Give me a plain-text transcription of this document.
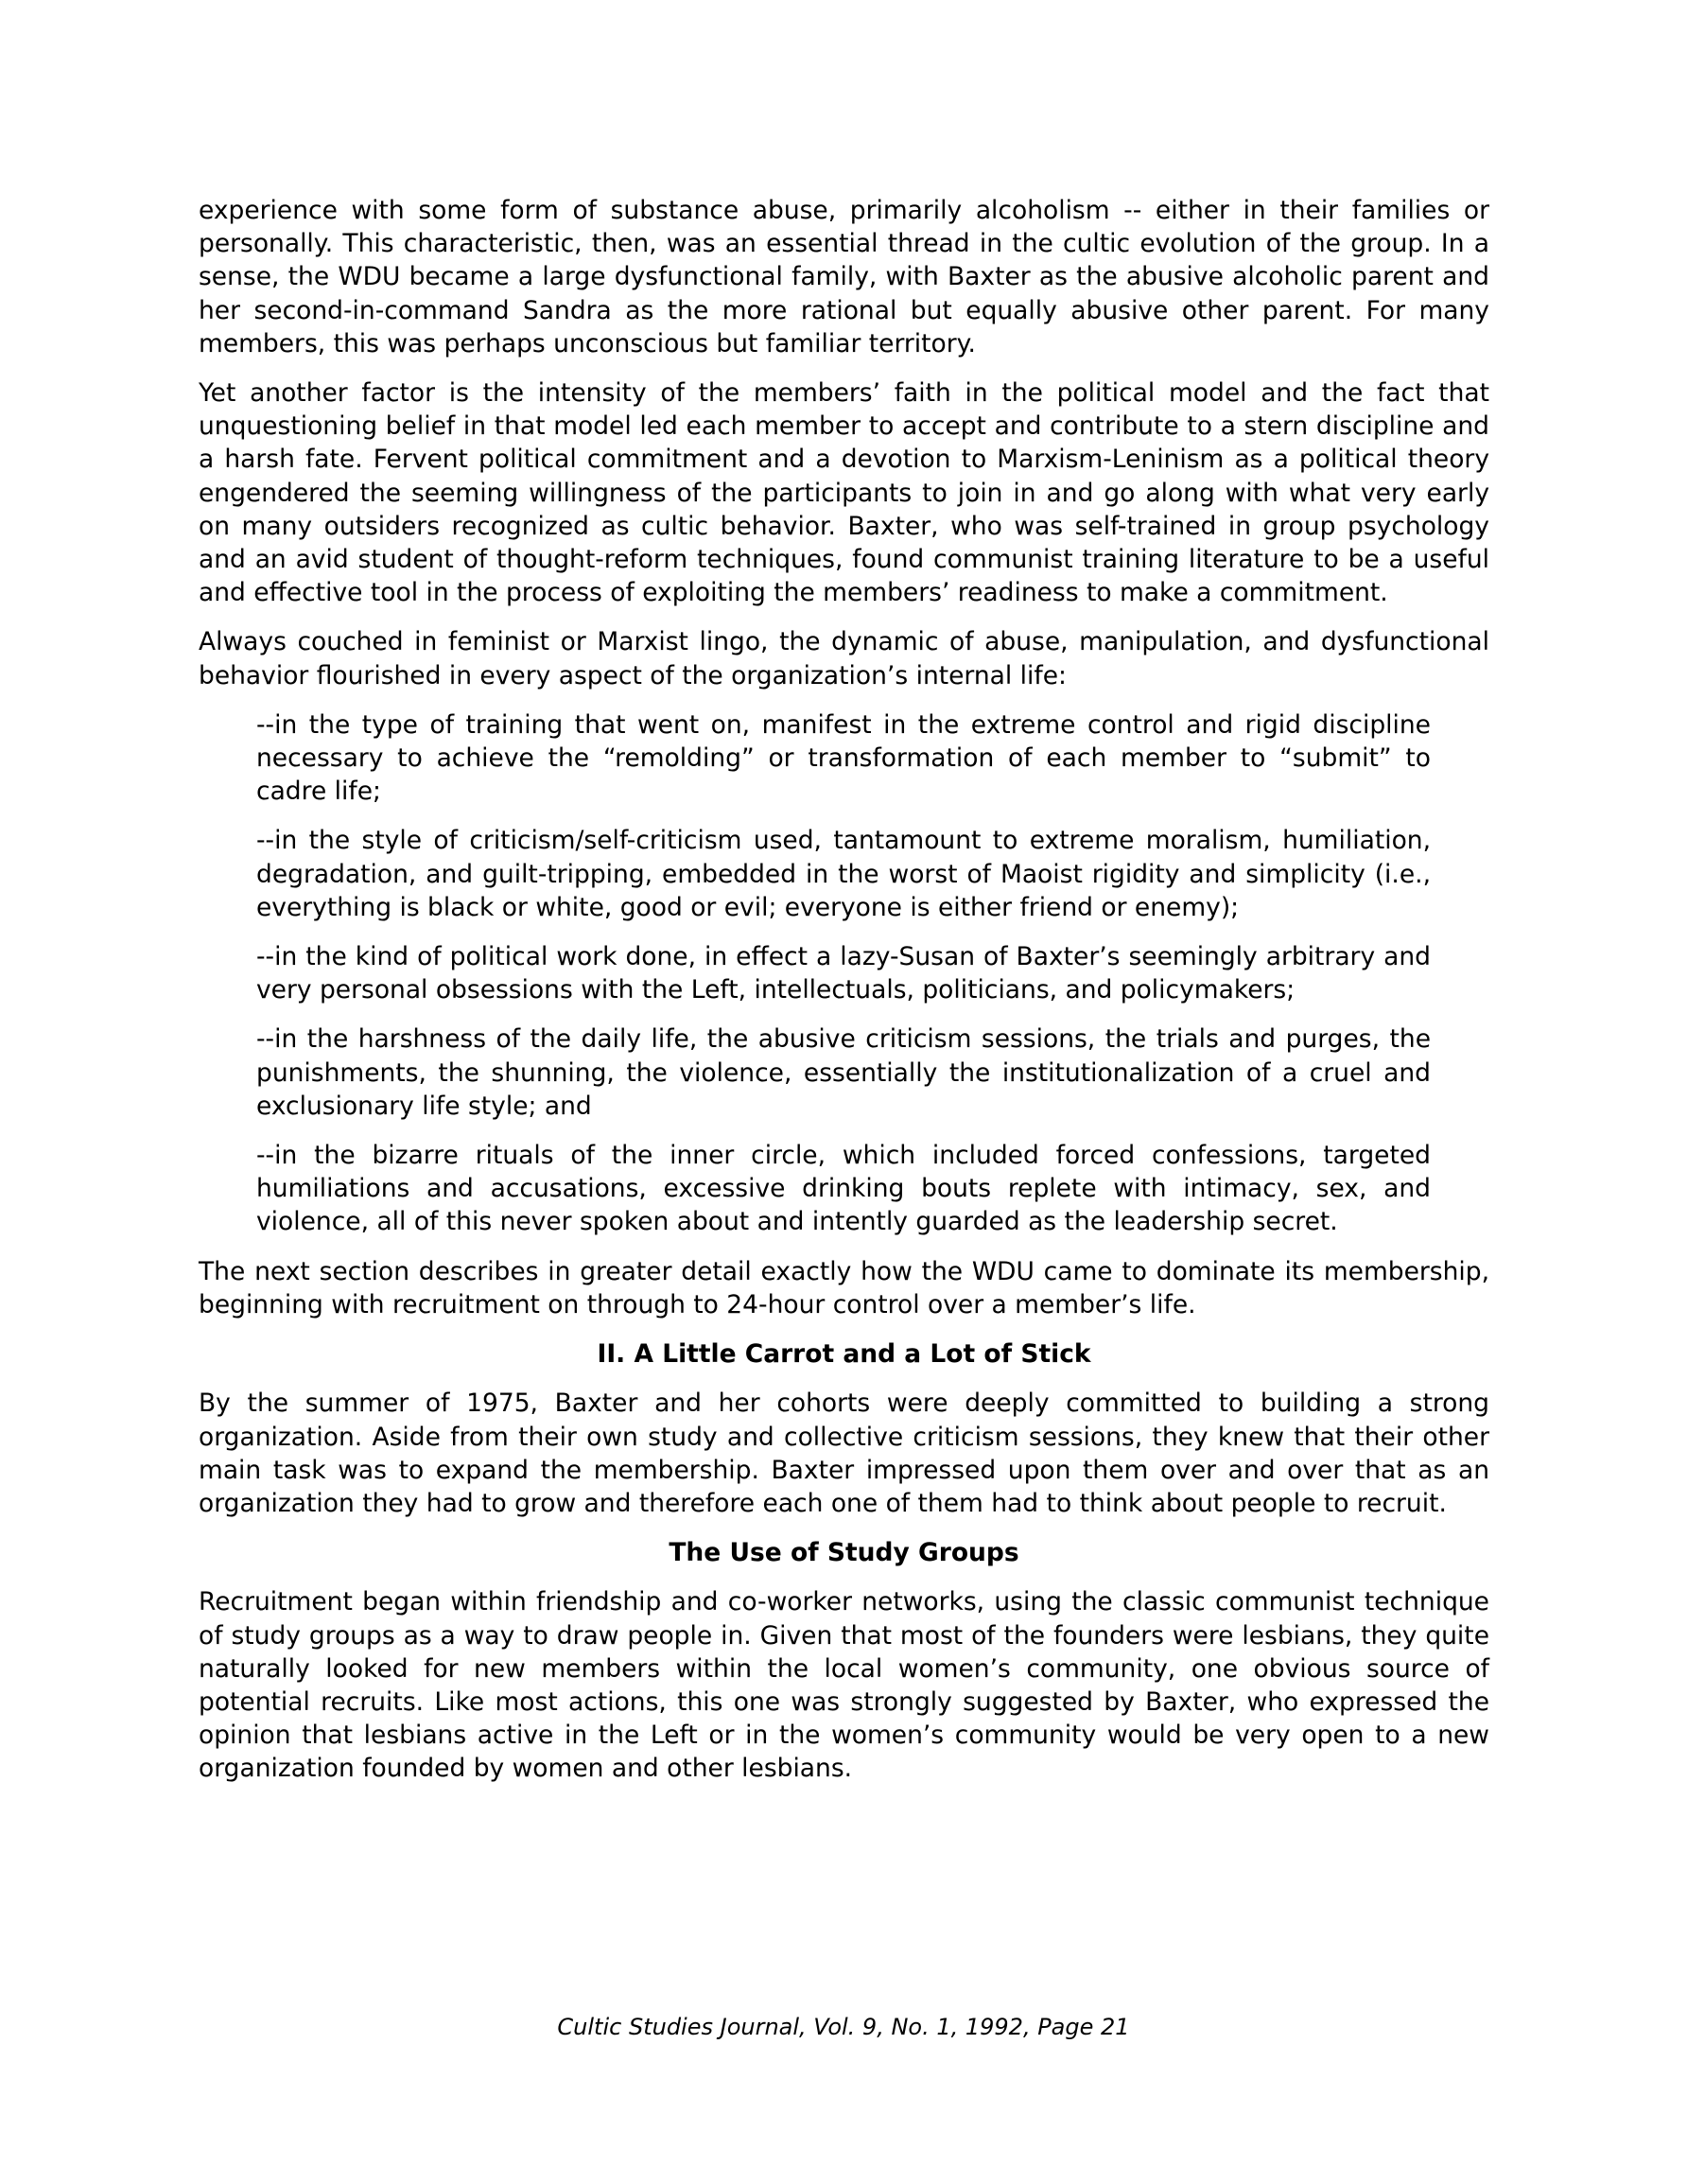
experience with some form of substance abuse, primarily alcoholism -- either in their families or personally. This characteristic, then, was an essential thread in the cultic evolution of the group. In a sense, the WDU became a large dysfunctional family, with Baxter as the abusive alcoholic parent and her second-in-command Sandra as the more rational but equally abusive other parent. For many members, this was perhaps unconscious but familiar territory.

Yet another factor is the intensity of the members’ faith in the political model and the fact that unquestioning belief in that model led each member to accept and contribute to a stern discipline and a harsh fate. Fervent political commitment and a devotion to Marxism-Leninism as a political theory engendered the seeming willingness of the participants to join in and go along with what very early on many outsiders recognized as cultic behavior. Baxter, who was self-trained in group psychology and an avid student of thought-reform techniques, found communist training literature to be a useful and effective tool in the process of exploiting the members’ readiness to make a commitment.

Always couched in feminist or Marxist lingo, the dynamic of abuse, manipulation, and dysfunctional behavior flourished in every aspect of the organization’s internal life:

--in the type of training that went on, manifest in the extreme control and rigid discipline necessary to achieve the “remolding” or transformation of each member to “submit” to cadre life;

--in the style of criticism/self-criticism used, tantamount to extreme moralism, humiliation, degradation, and guilt-tripping, embedded in the worst of Maoist rigidity and simplicity (i.e., everything is black or white, good or evil; everyone is either friend or enemy);

--in the kind of political work done, in effect a lazy-Susan of Baxter’s seemingly arbitrary and very personal obsessions with the Left, intellectuals, politicians, and policymakers;

--in the harshness of the daily life, the abusive criticism sessions, the trials and purges, the punishments, the shunning, the violence, essentially the institutionalization of a cruel and exclusionary life style; and

--in the bizarre rituals of the inner circle, which included forced confessions, targeted humiliations and accusations, excessive drinking bouts replete with intimacy, sex, and violence, all of this never spoken about and intently guarded as the leadership secret.

The next section describes in greater detail exactly how the WDU came to dominate its membership, beginning with recruitment on through to 24-hour control over a member’s life.

II. A Little Carrot and a Lot of Stick

By the summer of 1975, Baxter and her cohorts were deeply committed to building a strong organization. Aside from their own study and collective criticism sessions, they knew that their other main task was to expand the membership. Baxter impressed upon them over and over that as an organization they had to grow and therefore each one of them had to think about people to recruit.

The Use of Study Groups

Recruitment began within friendship and co-worker networks, using the classic communist technique of study groups as a way to draw people in. Given that most of the founders were lesbians, they quite naturally looked for new members within the local women’s community, one obvious source of potential recruits. Like most actions, this one was strongly suggested by Baxter, who expressed the opinion that lesbians active in the Left or in the women’s community would be very open to a new organization founded by women and other lesbians.

Cultic Studies Journal, Vol. 9, No. 1, 1992, Page 21
